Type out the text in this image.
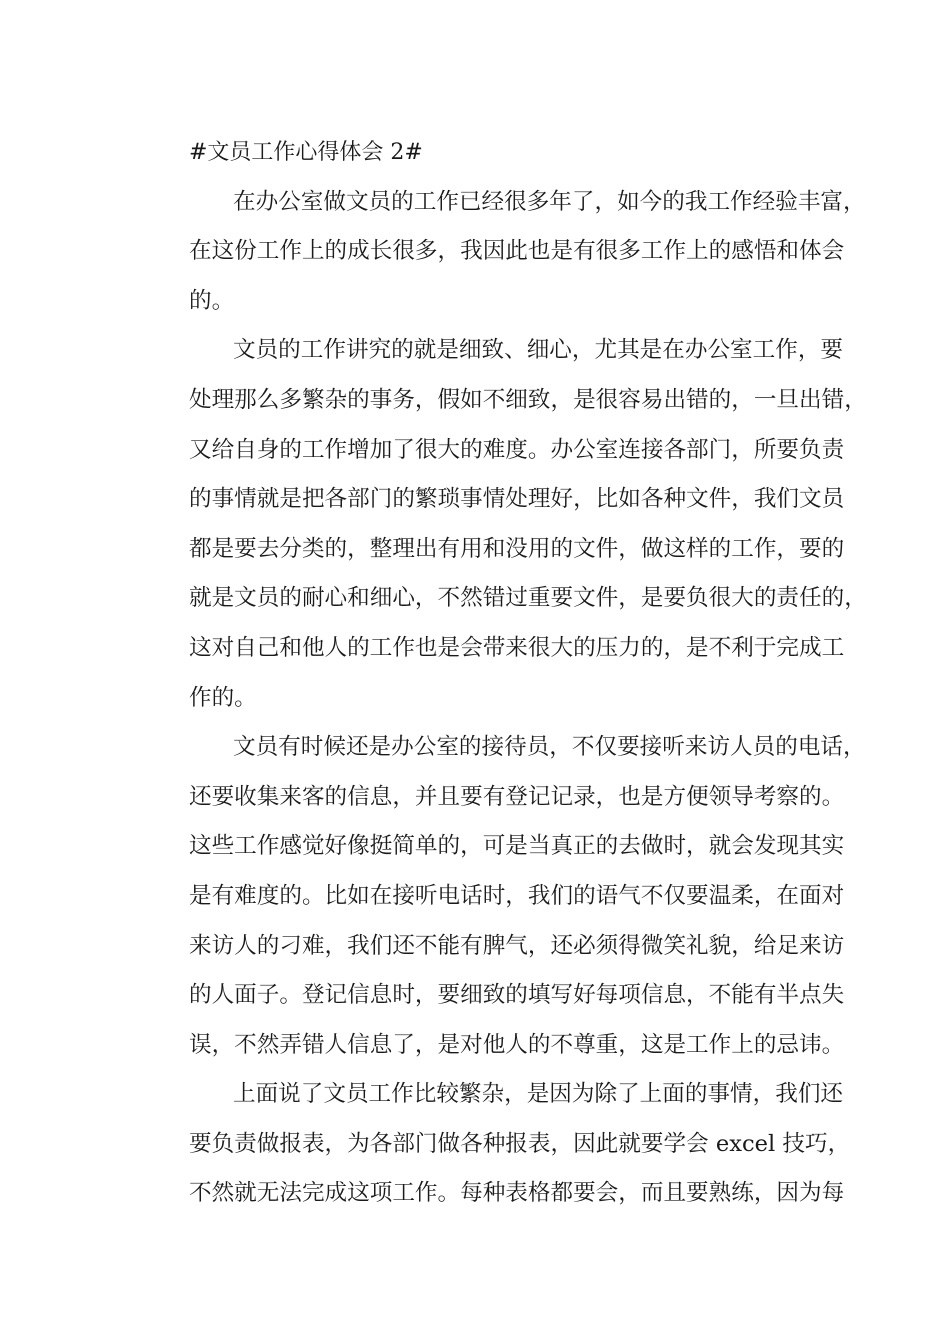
#文员工作心得体会 2#

在办公室做文员的工作已经很多年了，如今的我工作经验丰富，
在这份工作上的成长很多，我因此也是有很多工作上的感悟和体会
的。
文员的工作讲究的就是细致、细心，尤其是在办公室工作，要
处理那么多繁杂的事务，假如不细致，是很容易出错的，一旦出错，
又给自身的工作增加了很大的难度。办公室连接各部门，所要负责
的事情就是把各部门的繁琐事情处理好，比如各种文件，我们文员
都是要去分类的，整理出有用和没用的文件，做这样的工作，要的
就是文员的耐心和细心，不然错过重要文件，是要负很大的责任的，
这对自己和他人的工作也是会带来很大的压力的，是不利于完成工
作的。
文员有时候还是办公室的接待员，不仅要接听来访人员的电话，
还要收集来客的信息，并且要有登记记录，也是方便领导考察的。
这些工作感觉好像挺简单的，可是当真正的去做时，就会发现其实
是有难度的。比如在接听电话时，我们的语气不仅要温柔，在面对
来访人的刁难，我们还不能有脾气，还必须得微笑礼貌，给足来访
的人面子。登记信息时，要细致的填写好每项信息，不能有半点失
误，不然弄错人信息了，是对他人的不尊重，这是工作上的忌讳。
上面说了文员工作比较繁杂，是因为除了上面的事情，我们还
要负责做报表，为各部门做各种报表，因此就要学会 excel 技巧，
不然就无法完成这项工作。每种表格都要会，而且要熟练，因为每
